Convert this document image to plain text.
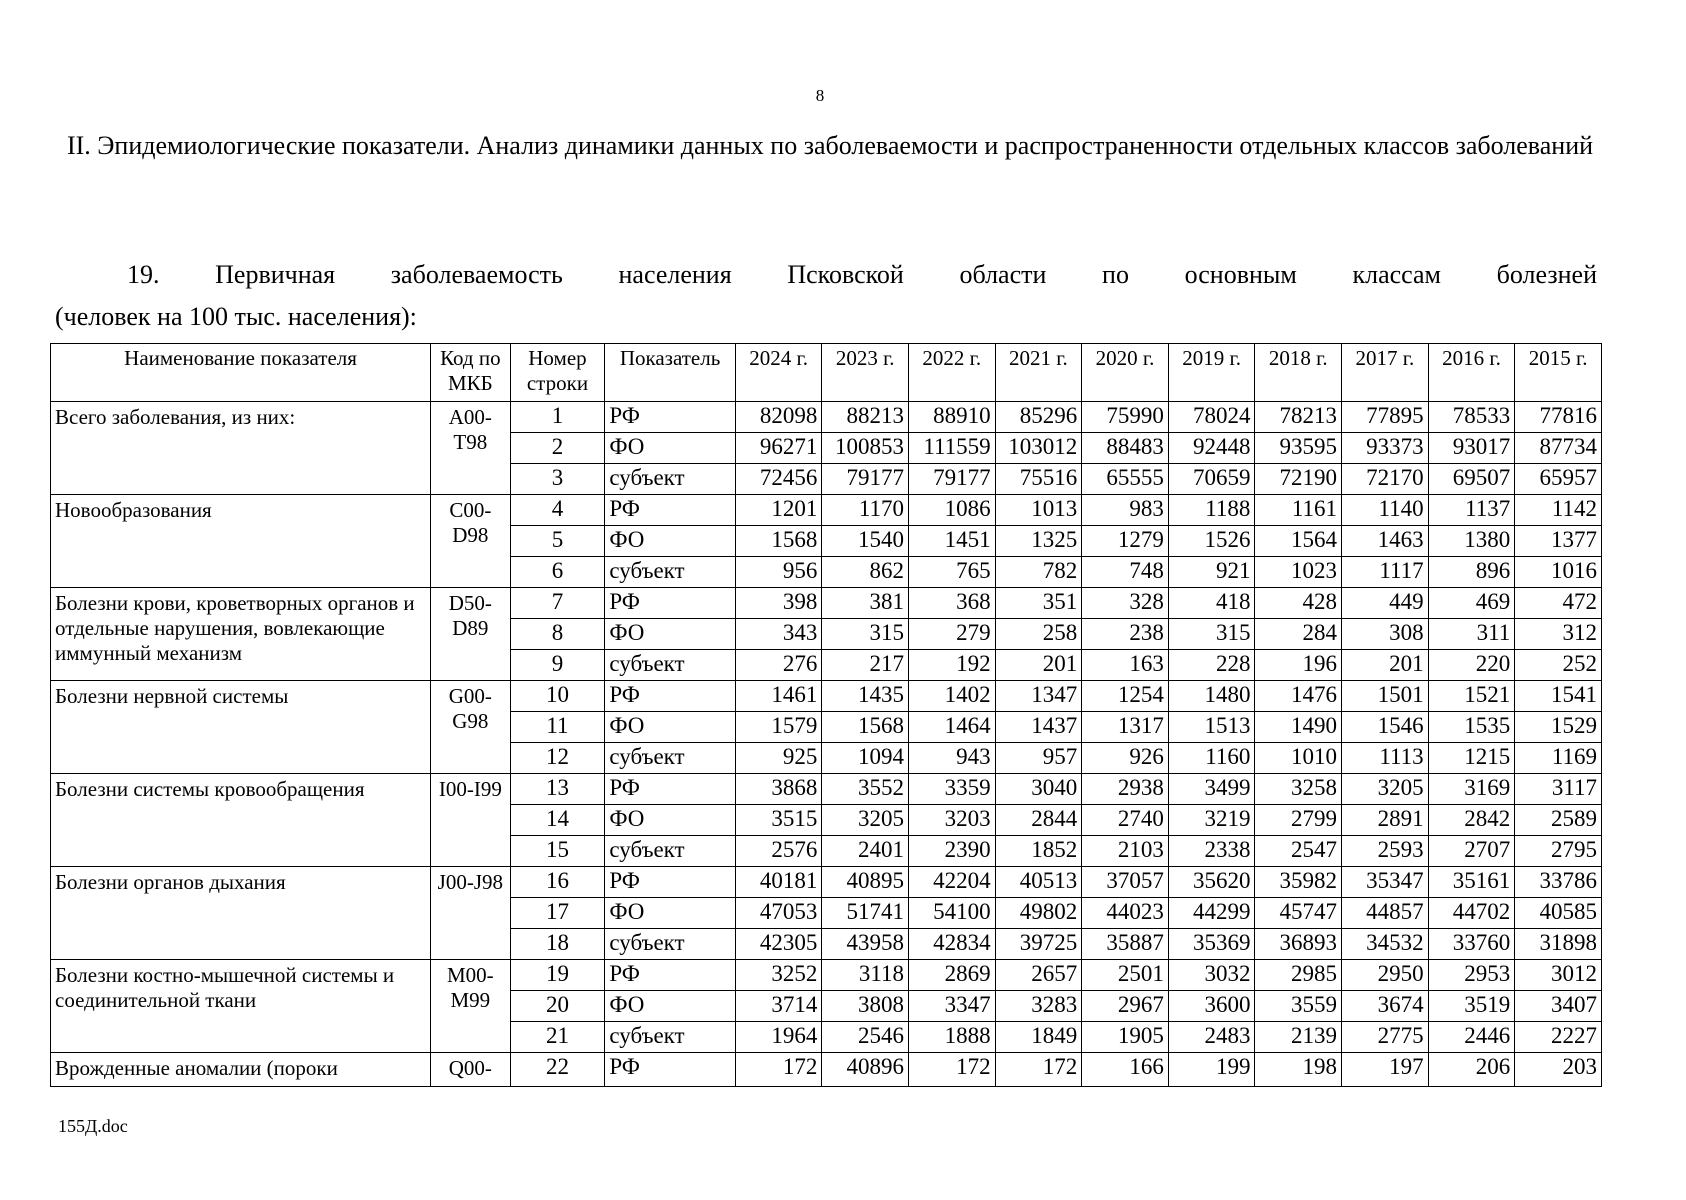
8
II. Эпидемиологические показатели. Анализ динамики данных по заболеваемости и распространенности отдельных классов заболеваний
19. Первичная заболеваемость населения Псковской области по основным классам болезней
(человек на 100 тыс. населения):
Наименование показателя	Код по МКБ	Номер строки	Показатель	2024 г.	2023 г.	2022 г.	2021 г.	2020 г.	2019 г.	2018 г.	2017 г.	2016 г.	2015 г.
Всего заболевания, из них:	A00-T98	1	РФ	82098	88213	88910	85296	75990	78024	78213	77895	78533	77816
		2	ФО	96271	100853	111559	103012	88483	92448	93595	93373	93017	87734
		3	субъект	72456	79177	79177	75516	65555	70659	72190	72170	69507	65957
Новообразования	C00-D98	4	РФ	1201	1170	1086	1013	983	1188	1161	1140	1137	1142
		5	ФО	1568	1540	1451	1325	1279	1526	1564	1463	1380	1377
		6	субъект	956	862	765	782	748	921	1023	1117	896	1016
Болезни крови, кроветворных органов и отдельные нарушения, вовлекающие иммунный механизм	D50-D89	7	РФ	398	381	368	351	328	418	428	449	469	472
		8	ФО	343	315	279	258	238	315	284	308	311	312
		9	субъект	276	217	192	201	163	228	196	201	220	252
Болезни нервной системы	G00-G98	10	РФ	1461	1435	1402	1347	1254	1480	1476	1501	1521	1541
		11	ФО	1579	1568	1464	1437	1317	1513	1490	1546	1535	1529
		12	субъект	925	1094	943	957	926	1160	1010	1113	1215	1169
Болезни системы кровообращения	I00-I99	13	РФ	3868	3552	3359	3040	2938	3499	3258	3205	3169	3117
		14	ФО	3515	3205	3203	2844	2740	3219	2799	2891	2842	2589
		15	субъект	2576	2401	2390	1852	2103	2338	2547	2593	2707	2795
Болезни органов дыхания	J00-J98	16	РФ	40181	40895	42204	40513	37057	35620	35982	35347	35161	33786
		17	ФО	47053	51741	54100	49802	44023	44299	45747	44857	44702	40585
		18	субъект	42305	43958	42834	39725	35887	35369	36893	34532	33760	31898
Болезни костно-мышечной системы и соединительной ткани	M00-M99	19	РФ	3252	3118	2869	2657	2501	3032	2985	2950	2953	3012
		20	ФО	3714	3808	3347	3283	2967	3600	3559	3674	3519	3407
		21	субъект	1964	2546	1888	1849	1905	2483	2139	2775	2446	2227
Врожденные аномалии (пороки	Q00-	22	РФ	172	40896	172	172	166	199	198	197	206	203
155Д.doc
